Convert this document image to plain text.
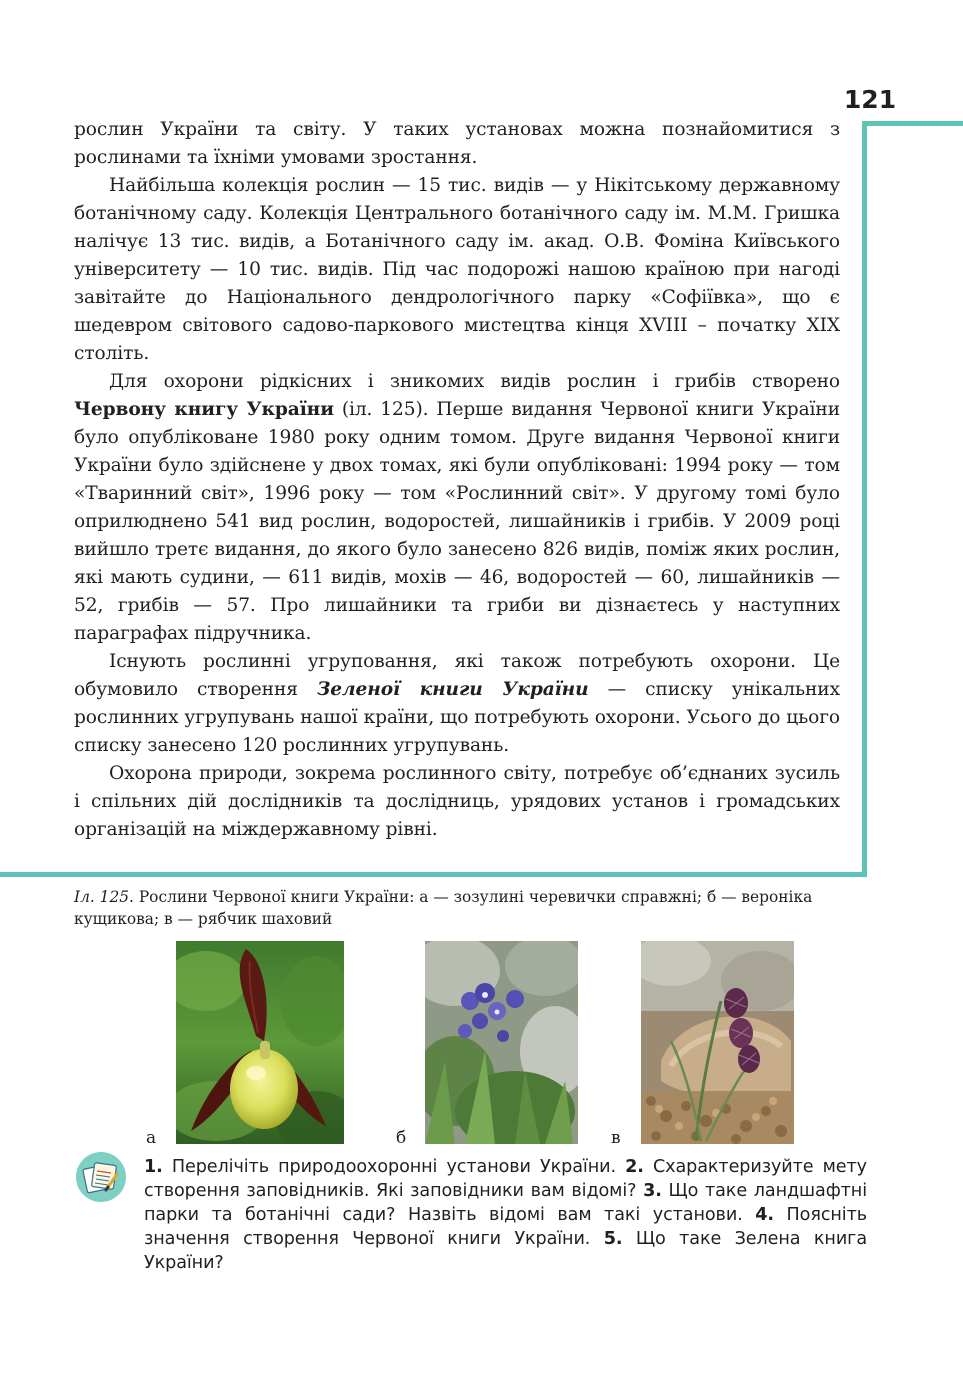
121

рослин України та світу. У таких установах можна познайомитися з рослинами та їхніми умовами зростання.

Найбільша колекція рослин — 15 тис. видів — у Нікітському державному ботанічному саду. Колекція Центрального ботанічного саду ім. М.М. Гришка налічує 13 тис. видів, а Ботанічного саду ім. акад. О.В. Фоміна Київського університету — 10 тис. видів. Під час подорожі нашою країною при нагоді завітайте до Національного дендрологічного парку «Софіївка», що є шедевром світового садово-паркового мистецтва кінця XVIII – початку XIX століть.

Для охорони рідкісних і зникомих видів рослин і грибів створено Червону книгу України (іл. 125). Перше видання Червоної книги України було опубліковане 1980 року одним томом. Друге видання Червоної книги України було здійснене у двох томах, які були опубліковані: 1994 року — том «Тваринний світ», 1996 року — том «Рослинний світ». У другому томі було оприлюднено 541 вид рослин, водоростей, лишайників і грибів. У 2009 році вийшло третє видання, до якого було занесено 826 видів, поміж яких рослин, які мають судини, — 611 видів, мохів — 46, водоростей — 60, лишайників — 52, грибів — 57. Про лишайники та гриби ви дізнаєтесь у наступних параграфах підручника.

Існують рослинні угруповання, які також потребують охорони. Це обумовило створення Зеленої книги України — списку унікальних рослинних угрупувань нашої країни, що потребують охорони. Усього до цього списку занесено 120 рослинних угрупувань.

Охорона природи, зокрема рослинного світу, потребує об’єднаних зусиль і спільних дій дослідників та дослідниць, урядових установ і громадських організацій на міждержавному рівні.

Іл. 125. Рослини Червоної книги України: а — зозулині черевички справжні; б — вероніка кущикова; в — рябчик шаховий
а	б	в
1. Перелічіть природоохоронні установи України. 2. Схарактеризуйте мету створення заповідників. Які заповідники вам відомі? 3. Що таке ландшафтні парки та ботанічні сади? Назвіть відомі вам такі установи. 4. Поясніть значення створення Червоної книги України. 5. Що таке Зелена книга України?
